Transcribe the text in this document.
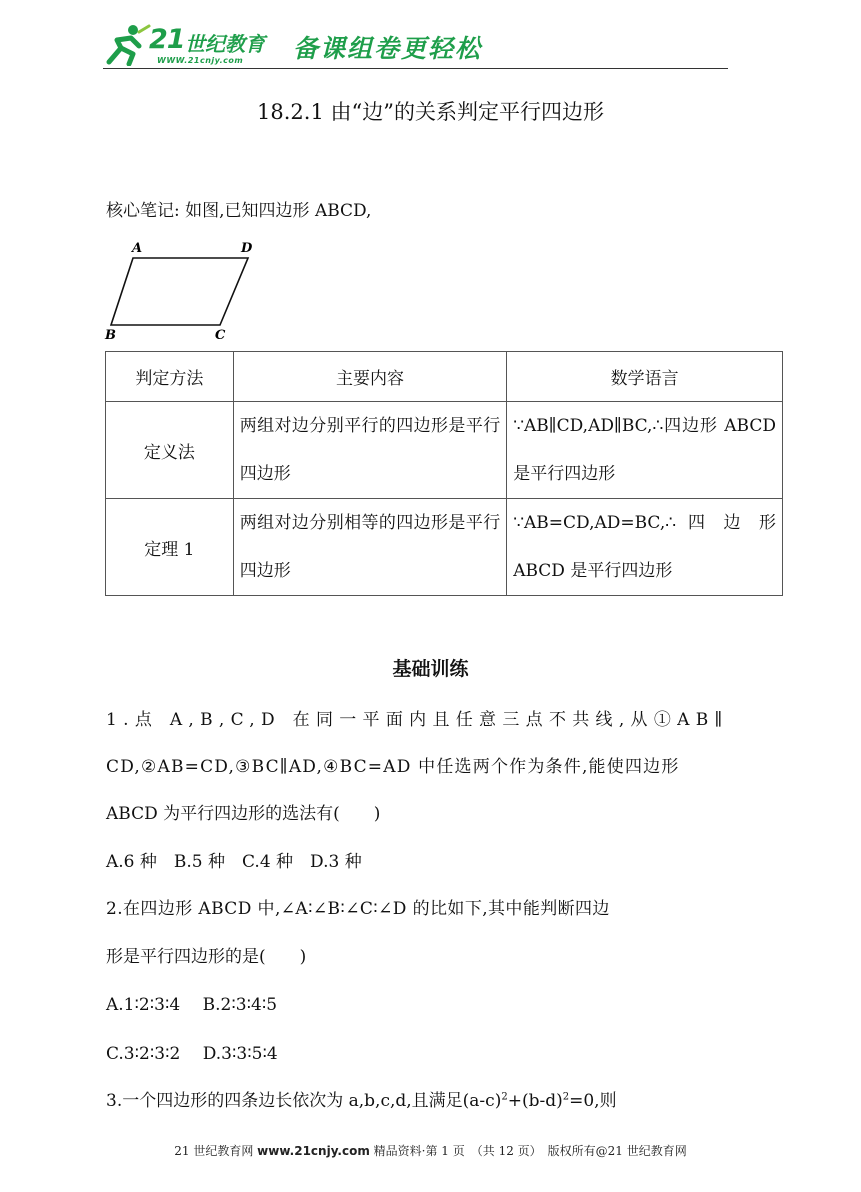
21 世纪教育
WWW.21cnjy.com 备课组卷更轻松
18.2.1 由“边”的关系判定平行四边形
核心笔记: 如图,已知四边形 ABCD,
A	D
B	C
判定方法	主要内容	数学语言
定义法	两组对边分别平行的四边形是平行四边形	∵AB∥CD,AD∥BC,∴四边形 ABCD 是平行四边形
定理 1	两组对边分别相等的四边形是平行四边形	∵AB=CD,AD=BC,∴ 四 边 形 ABCD 是平行四边形
基础训练
1.点 A,B,C,D 在同一平面内且任意三点不共线,从①AB∥
CD,②AB=CD,③BC∥AD,④BC=AD 中任选两个作为条件,能使四边形
ABCD 为平行四边形的选法有(　　)
A.6 种　B.5 种　C.4 种　D.3 种
2.在四边形 ABCD 中,∠A∶∠B∶∠C∶∠D 的比如下,其中能判断四边
形是平行四边形的是(　　)
A.1∶2∶3∶4　 B.2∶3∶4∶5
C.3∶2∶3∶2　 D.3∶3∶5∶4
3.一个四边形的四条边长依次为 a,b,c,d,且满足$(a-c)^2+(b-d)^2=0$,则
21 世纪教育网 www.21cnjy.com 精品资料·第 1 页　（共 12 页）　版权所有@21 世纪教育网
